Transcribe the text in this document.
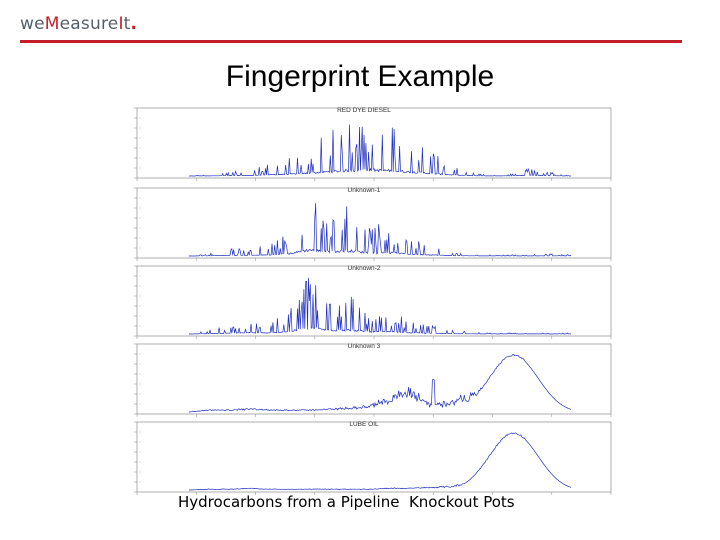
weMeasureIt.
Fingerprint Example
RED DYE DIESEL
Unknown-1
Unknown-2
Unknown 3
LUBE OIL
Hydrocarbons from a Pipeline  Knockout Pots
